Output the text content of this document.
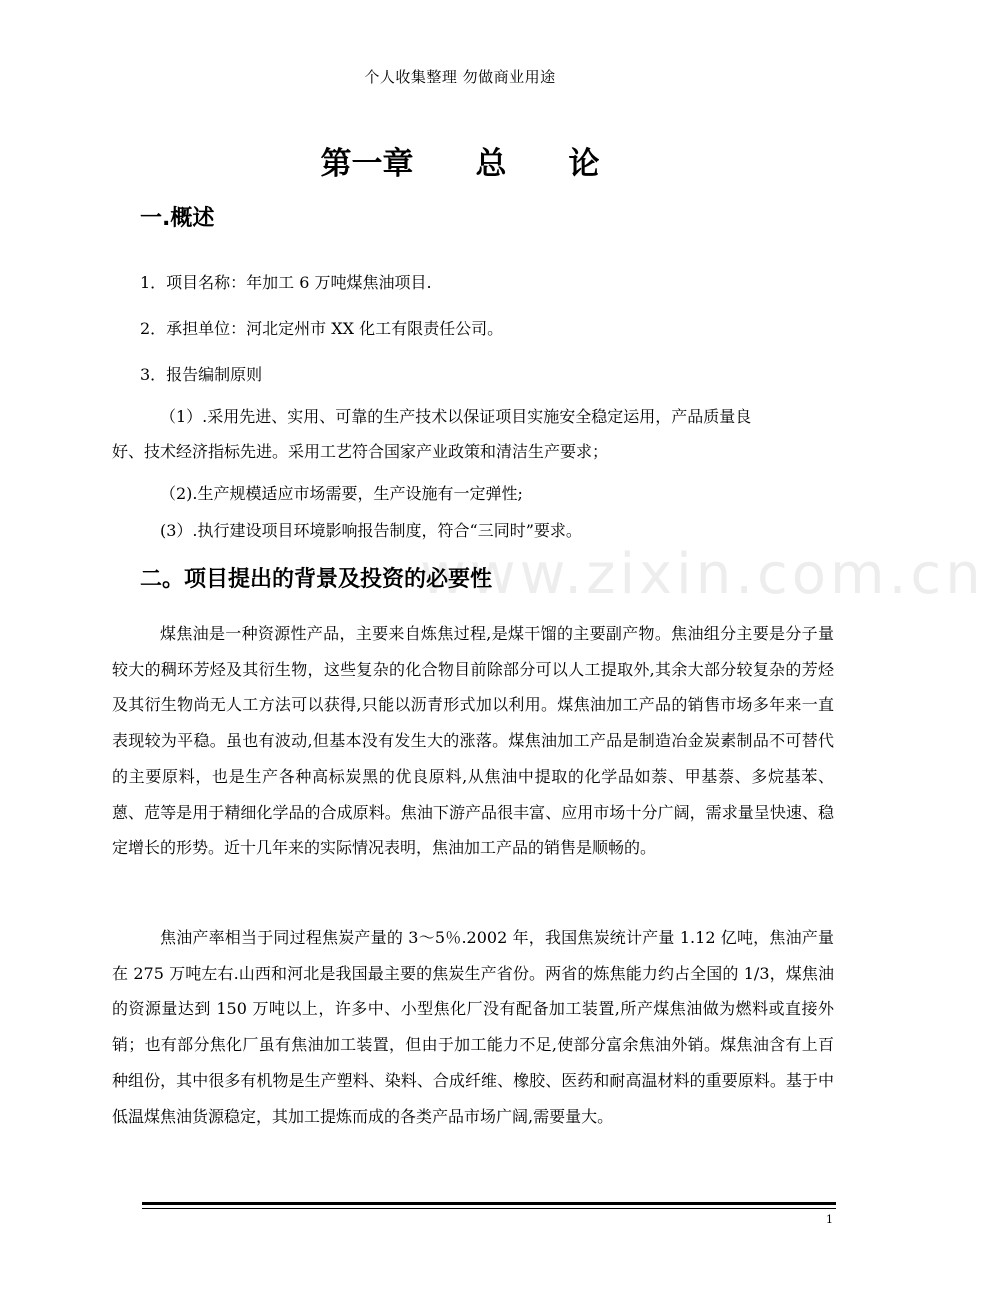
个人收集整理 勿做商业用途
第一章 总 论
一.概述
1．项目名称：年加工 6 万吨煤焦油项目.
2．承担单位：河北定州市 XX 化工有限责任公司。
3．报告编制原则
（1）.采用先进、实用、可靠的生产技术以保证项目实施安全稳定运用，产品质量良
好、技术经济指标先进。采用工艺符合国家产业政策和清洁生产要求；
（2).生产规模适应市场需要，生产设施有一定弹性;
(3）.执行建设项目环境影响报告制度，符合“三同时”要求。
二。项目提出的背景及投资的必要性
www.zixin.com.cn
煤焦油是一种资源性产品，主要来自炼焦过程,是煤干馏的主要副产物。焦油组分主要是分子量较大的稠环芳烃及其衍生物，这些复杂的化合物目前除部分可以人工提取外,其余大部分较复杂的芳烃及其衍生物尚无人工方法可以获得,只能以沥青形式加以利用。煤焦油加工产品的销售市场多年来一直表现较为平稳。虽也有波动,但基本没有发生大的涨落。煤焦油加工产品是制造冶金炭素制品不可替代的主要原料，也是生产各种高标炭黑的优良原料,从焦油中提取的化学品如萘、甲基萘、多烷基苯、蒽、苊等是用于精细化学品的合成原料。焦油下游产品很丰富、应用市场十分广阔，需求量呈快速、稳定增长的形势。近十几年来的实际情况表明，焦油加工产品的销售是顺畅的。
焦油产率相当于同过程焦炭产量的 3～5％.2002 年，我国焦炭统计产量 1.12 亿吨，焦油产量在 275 万吨左右.山西和河北是我国最主要的焦炭生产省份。两省的炼焦能力约占全国的 1/3，煤焦油的资源量达到 150 万吨以上，许多中、小型焦化厂没有配备加工装置,所产煤焦油做为燃料或直接外销；也有部分焦化厂虽有焦油加工装置，但由于加工能力不足,使部分富余焦油外销。煤焦油含有上百种组份，其中很多有机物是生产塑料、染料、合成纤维、橡胶、医药和耐高温材料的重要原料。基于中低温煤焦油货源稳定，其加工提炼而成的各类产品市场广阔,需要量大。
1
